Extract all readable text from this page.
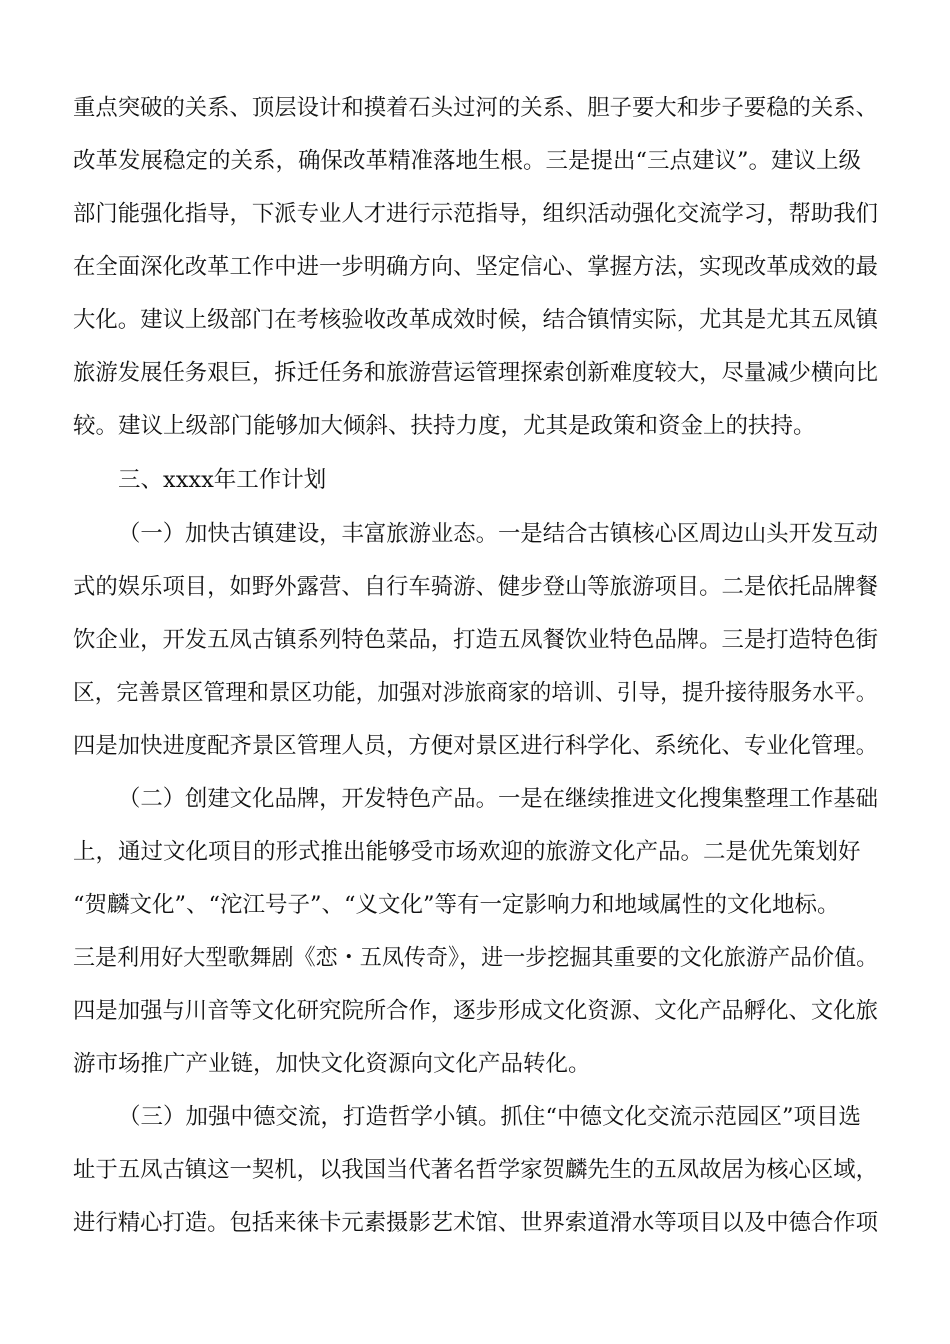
重点突破的关系、顶层设计和摸着石头过河的关系、胆子要大和步子要稳的关系、
改革发展稳定的关系，确保改革精准落地生根。三是提出“三点建议”。建议上级
部门能强化指导，下派专业人才进行示范指导，组织活动强化交流学习，帮助我们
在全面深化改革工作中进一步明确方向、坚定信心、掌握方法，实现改革成效的最
大化。建议上级部门在考核验收改革成效时候，结合镇情实际，尤其是尤其五凤镇
旅游发展任务艰巨，拆迁任务和旅游营运管理探索创新难度较大，尽量减少横向比
较。建议上级部门能够加大倾斜、扶持力度，尤其是政策和资金上的扶持。
三、xxxx年工作计划
（一）加快古镇建设，丰富旅游业态。一是结合古镇核心区周边山头开发互动
式的娱乐项目，如野外露营、自行车骑游、健步登山等旅游项目。二是依托品牌餐
饮企业，开发五凤古镇系列特色菜品，打造五凤餐饮业特色品牌。三是打造特色街
区，完善景区管理和景区功能，加强对涉旅商家的培训、引导，提升接待服务水平。
四是加快进度配齐景区管理人员，方便对景区进行科学化、系统化、专业化管理。
（二）创建文化品牌，开发特色产品。一是在继续推进文化搜集整理工作基础
上，通过文化项目的形式推出能够受市场欢迎的旅游文化产品。二是优先策划好
“贺麟文化”、“沱江号子”、“义文化”等有一定影响力和地域属性的文化地标。
三是利用好大型歌舞剧《恋・五凤传奇》，进一步挖掘其重要的文化旅游产品价值。
四是加强与川音等文化研究院所合作，逐步形成文化资源、文化产品孵化、文化旅
游市场推广产业链，加快文化资源向文化产品转化。
（三）加强中德交流，打造哲学小镇。抓住“中德文化交流示范园区”项目选
址于五凤古镇这一契机，以我国当代著名哲学家贺麟先生的五凤故居为核心区域，
进行精心打造。包括来徕卡元素摄影艺术馆、世界索道滑水等项目以及中德合作项
